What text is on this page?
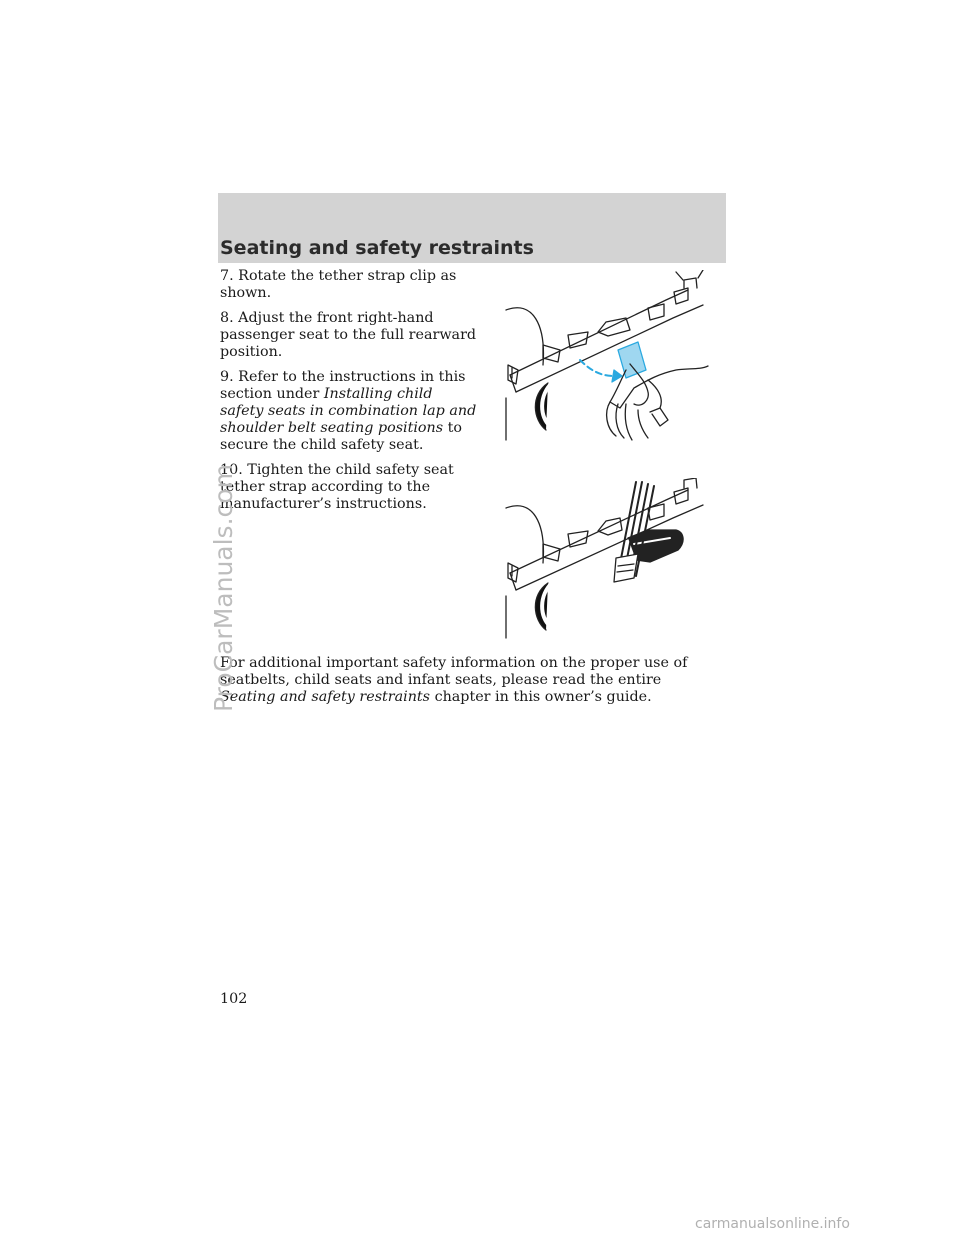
Seating and safety restraints

7. Rotate the tether strap clip as shown.

8. Adjust the front right-hand passenger seat to the full rearward position.

9. Refer to the instructions in this section under Installing child safety seats in combination lap and shoulder belt seating positions to secure the child safety seat.

10. Tighten the child safety seat tether strap according to the manufacturer’s instructions.

For additional important safety information on the proper use of seatbelts, child seats and infant seats, please read the entire Seating and safety restraints chapter in this owner’s guide.

102

ProCarManuals.com
carmanualsonline.info
